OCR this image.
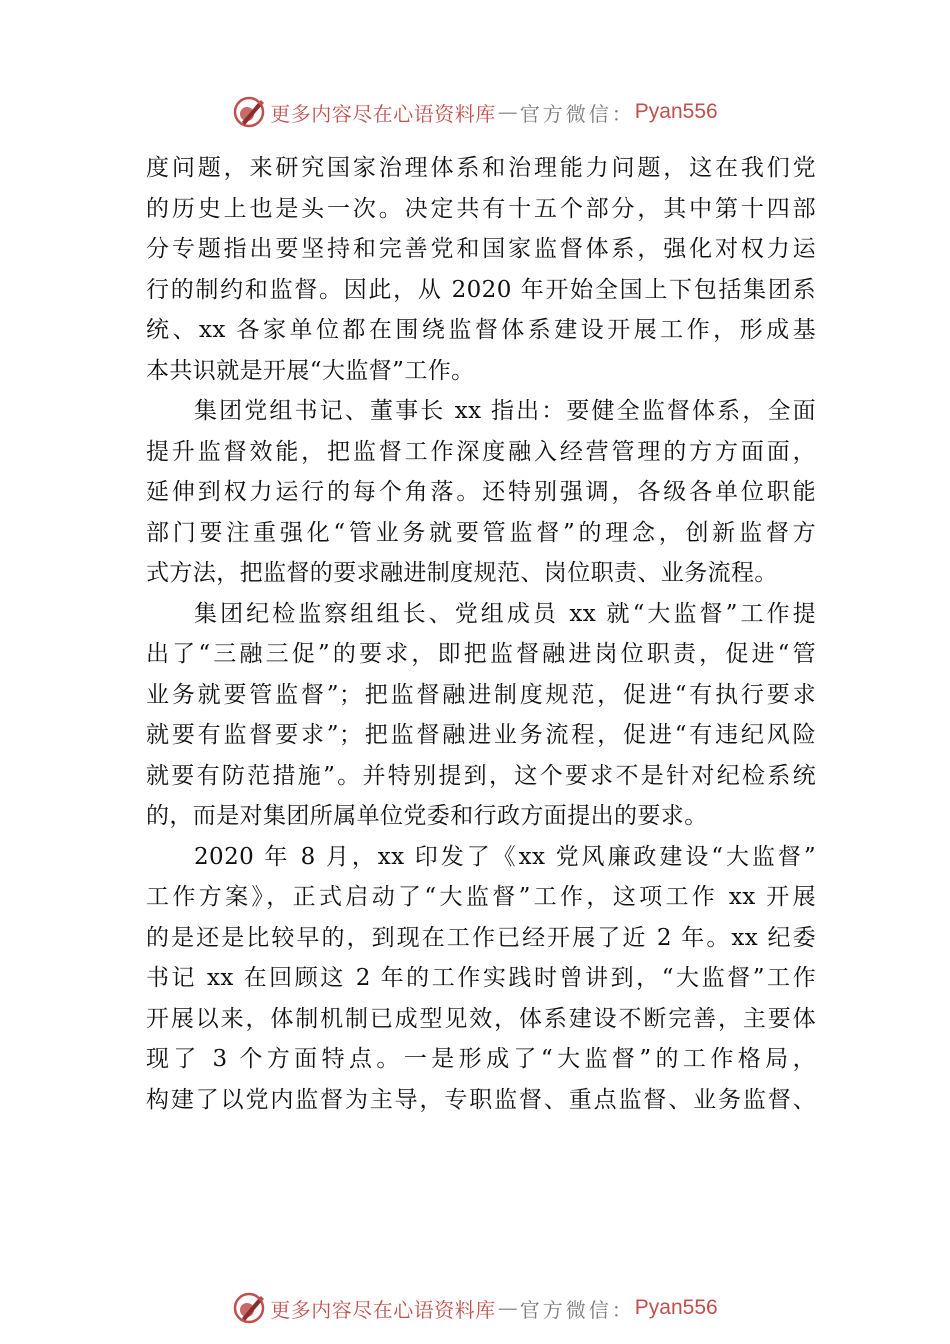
更多内容尽在心语资料库 — 官方微信： Pyan556
度问题，来研究国家治理体系和治理能力问题，这在我们党
的历史上也是头一次。决定共有十五个部分，其中第十四部
分专题指出要坚持和完善党和国家监督体系，强化对权力运
行的制约和监督。因此，从 2020 年开始全国上下包括集团系
统、xx 各家单位都在围绕监督体系建设开展工作，形成基
本共识就是开展“大监督”工作。
集团党组书记、董事长 xx 指出：要健全监督体系，全面
提升监督效能，把监督工作深度融入经营管理的方方面面，
延伸到权力运行的每个角落。还特别强调，各级各单位职能
部门要注重强化“管业务就要管监督”的理念，创新监督方
式方法，把监督的要求融进制度规范、岗位职责、业务流程。
集团纪检监察组组长、党组成员 xx 就“大监督”工作提
出了“三融三促”的要求，即把监督融进岗位职责，促进“管
业务就要管监督”；把监督融进制度规范，促进“有执行要求
就要有监督要求”；把监督融进业务流程，促进“有违纪风险
就要有防范措施”。并特别提到，这个要求不是针对纪检系统
的，而是对集团所属单位党委和行政方面提出的要求。
2020 年 8 月，xx 印发了《xx 党风廉政建设“大监督”
工作方案》，正式启动了“大监督”工作，这项工作 xx 开展
的是还是比较早的，到现在工作已经开展了近 2 年。xx 纪委
书记 xx 在回顾这 2 年的工作实践时曾讲到，“大监督”工作
开展以来，体制机制已成型见效，体系建设不断完善，主要体
现了 3 个方面特点。一是形成了“大监督”的工作格局，
构建了以党内监督为主导，专职监督、重点监督、业务监督、
更多内容尽在心语资料库 — 官方微信： Pyan556
